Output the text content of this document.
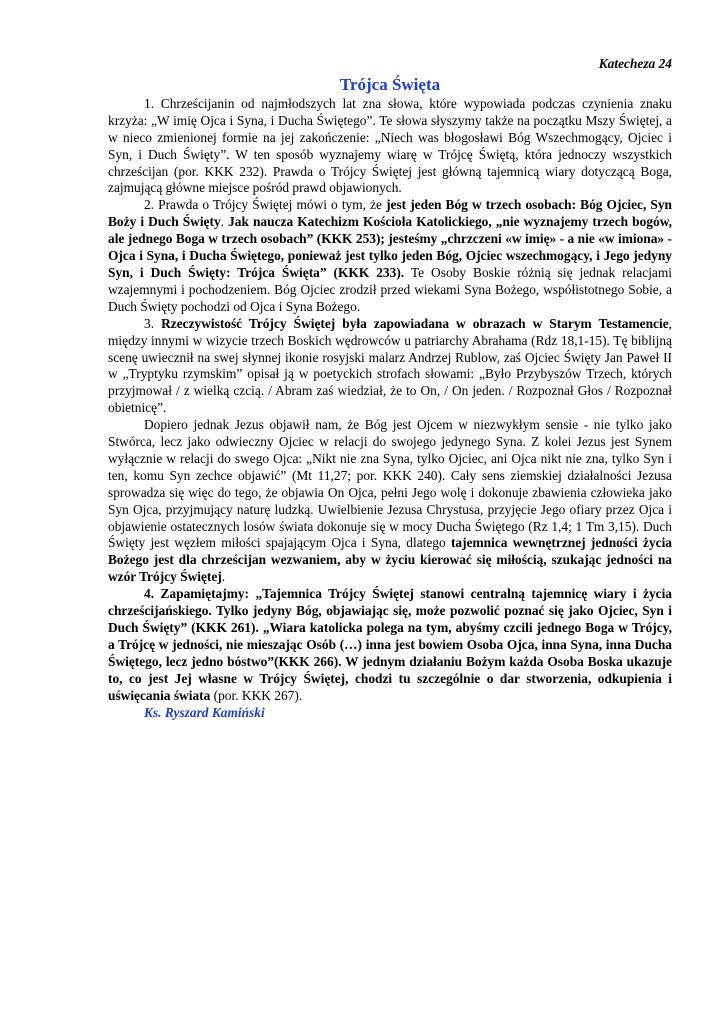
Katecheza 24

Trójca Święta

1. Chrześcijanin od najmłodszych lat zna słowa, które wypowiada podczas czynienia znaku krzyża: „W imię Ojca i Syna, i Ducha Świętego”. Te słowa słyszymy także na początku Mszy Świętej, a w nieco zmienionej formie na jej zakończenie: „Niech was błogosławi Bóg Wszechmogący, Ojciec i Syn, i Duch Święty”. W ten sposób wyznajemy wiarę w Trójcę Świętą, która jednoczy wszystkich chrześcijan (por. KKK 232). Prawda o Trójcy Świętej jest główną tajemnicą wiary dotyczącą Boga, zajmującą główne miejsce pośród prawd objawionych.

2. Prawda o Trójcy Świętej mówi o tym, że jest jeden Bóg w trzech osobach: Bóg Ojciec, Syn Boży i Duch Święty. Jak naucza Katechizm Kościoła Katolickiego, „nie wyznajemy trzech bogów, ale jednego Boga w trzech osobach” (KKK 253); jesteśmy „chrzczeni «w imię» - a nie «w imiona» - Ojca i Syna, i Ducha Świętego, ponieważ jest tylko jeden Bóg, Ojciec wszechmogący, i Jego jedyny Syn, i Duch Święty: Trójca Święta” (KKK 233). Te Osoby Boskie różnią się jednak relacjami wzajemnymi i pochodzeniem. Bóg Ojciec zrodził przed wiekami Syna Bożego, współistotnego Sobie, a Duch Święty pochodzi od Ojca i Syna Bożego.

3. Rzeczywistość Trójcy Świętej była zapowiadana w obrazach w Starym Testamencie, między innymi w wizycie trzech Boskich wędrowców u patriarchy Abrahama (Rdz 18,1-15). Tę biblijną scenę uwiecznił na swej słynnej ikonie rosyjski malarz Andrzej Rublow, zaś Ojciec Święty Jan Paweł II w „Tryptyku rzymskim” opisał ją w poetyckich strofach słowami: „Było Przybyszów Trzech, których przyjmował / z wielką czcią. / Abram zaś wiedział, że to On, / On jeden. / Rozpoznał Głos / Rozpoznał obietnicę”.

Dopiero jednak Jezus objawił nam, że Bóg jest Ojcem w niezwykłym sensie - nie tylko jako Stwórca, lecz jako odwieczny Ojciec w relacji do swojego jedynego Syna. Z kolei Jezus jest Synem wyłącznie w relacji do swego Ojca: „Nikt nie zna Syna, tylko Ojciec, ani Ojca nikt nie zna, tylko Syn i ten, komu Syn zechce objawić” (Mt 11,27; por. KKK 240). Cały sens ziemskiej działalności Jezusa sprowadza się więc do tego, że objawia On Ojca, pełni Jego wolę i dokonuje zbawienia człowieka jako Syn Ojca, przyjmujący naturę ludzką. Uwielbienie Jezusa Chrystusa, przyjęcie Jego ofiary przez Ojca i objawienie ostatecznych losów świata dokonuje się w mocy Ducha Świętego (Rz 1,4; 1 Tm 3,15). Duch Święty jest węzłem miłości spajającym Ojca i Syna, dlatego tajemnica wewnętrznej jedności życia Bożego jest dla chrześcijan wezwaniem, aby w życiu kierować się miłością, szukając jedności na wzór Trójcy Świętej.

4. Zapamiętajmy: „Tajemnica Trójcy Świętej stanowi centralną tajemnicę wiary i życia chrześcijańskiego. Tylko jedyny Bóg, objawiając się, może pozwolić poznać się jako Ojciec, Syn i Duch Święty” (KKK 261). „Wiara katolicka polega na tym, abyśmy czcili jednego Boga w Trójcy, a Trójcę w jedności, nie mieszając Osób (…) inna jest bowiem Osoba Ojca, inna Syna, inna Ducha Świętego, lecz jedno bóstwo”(KKK 266). W jednym działaniu Bożym każda Osoba Boska ukazuje to, co jest Jej własne w Trójcy Świętej, chodzi tu szczególnie o dar stworzenia, odkupienia i uświęcania świata (por. KKK 267).

Ks. Ryszard Kamiński
